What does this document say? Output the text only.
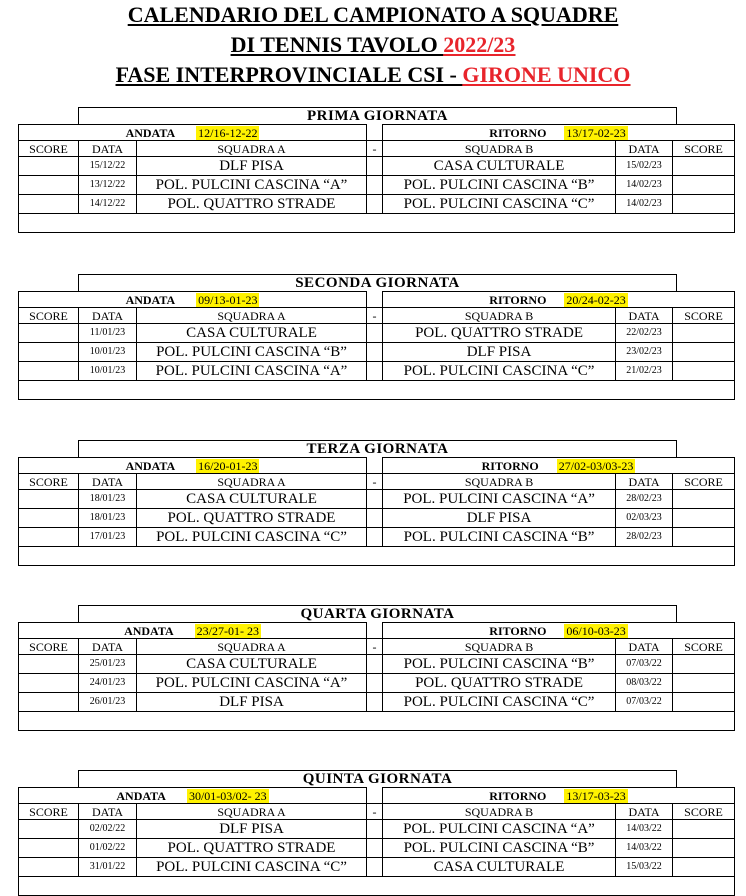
CALENDARIO DEL CAMPIONATO A SQUADRE
DI TENNIS TAVOLO 2022/23
FASE INTERPROVINCIALE CSI - GIRONE UNICO
PRIMA GIORNATA
ANDATA 12/16-12-22				RITORNO 13/17-02-23		
SCORE	DATA	SQUADRA A	-	SQUADRA B	DATA	SCORE
	15/12/22	DLF PISA		CASA CULTURALE	15/02/23	
	13/12/22	POL. PULCINI CASCINA “A”		POL. PULCINI CASCINA “B”	14/02/23	
	14/12/22	POL. QUATTRO STRADE		POL. PULCINI CASCINA “C”	14/02/23	

SECONDA GIORNATA
ANDATA 09/13-01-23				RITORNO 20/24-02-23		
SCORE	DATA	SQUADRA A	-	SQUADRA B	DATA	SCORE
	11/01/23	CASA CULTURALE		POL. QUATTRO STRADE	22/02/23	
	10/01/23	POL. PULCINI CASCINA “B”		DLF PISA	23/02/23	
	10/01/23	POL. PULCINI CASCINA “A”		POL. PULCINI CASCINA “C”	21/02/23	

TERZA GIORNATA
ANDATA 16/20-01-23				RITORNO 27/02-03/03-23		
SCORE	DATA	SQUADRA A	-	SQUADRA B	DATA	SCORE
	18/01/23	CASA CULTURALE		POL. PULCINI CASCINA “A”	28/02/23	
	18/01/23	POL. QUATTRO STRADE		DLF PISA	02/03/23	
	17/01/23	POL. PULCINI CASCINA “C”		POL. PULCINI CASCINA “B”	28/02/23	

QUARTA GIORNATA
ANDATA 23/27-01- 23				RITORNO 06/10-03-23		
SCORE	DATA	SQUADRA A	-	SQUADRA B	DATA	SCORE
	25/01/23	CASA CULTURALE		POL. PULCINI CASCINA “B”	07/03/22	
	24/01/23	POL. PULCINI CASCINA “A”		POL. QUATTRO STRADE	08/03/22	
	26/01/23	DLF PISA		POL. PULCINI CASCINA “C”	07/03/22	

QUINTA GIORNATA
ANDATA 30/01-03/02- 23				RITORNO 13/17-03-23		
SCORE	DATA	SQUADRA A	-	SQUADRA B	DATA	SCORE
	02/02/22	DLF PISA		POL. PULCINI CASCINA “A”	14/03/22	
	01/02/22	POL. QUATTRO STRADE		POL. PULCINI CASCINA “B”	14/03/22	
	31/01/22	POL. PULCINI CASCINA “C”		CASA CULTURALE	15/03/22	
